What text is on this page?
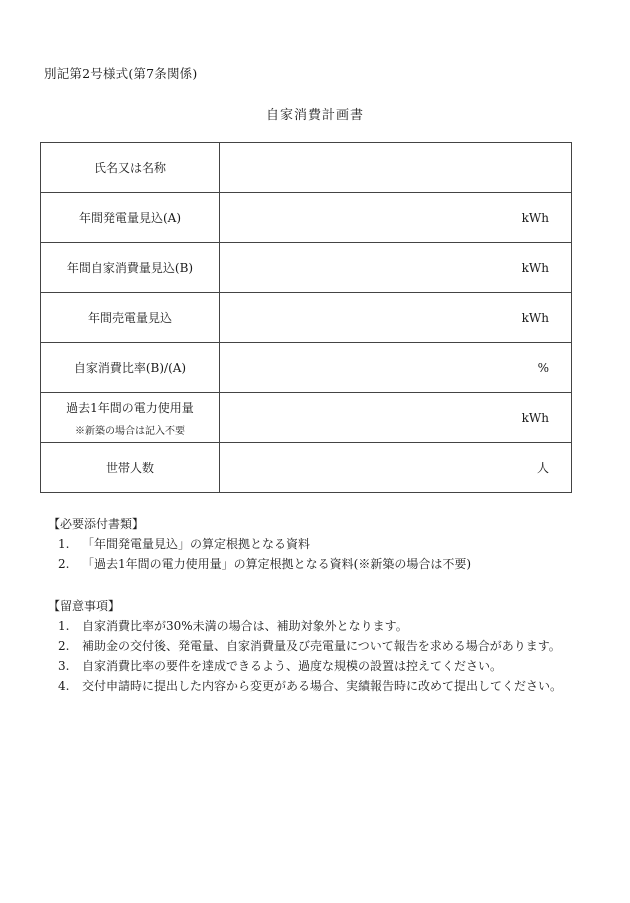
別記第2号様式(第7条関係)
自家消費計画書
氏名又は名称	

年間発電量見込(A)	kWh

年間自家消費量見込(B)	kWh

年間売電量見込	kWh

自家消費比率(B)/(A)	%

過去1年間の電力使用量
※新築の場合は記入不要	kWh

世帯人数	人
【必要添付書類】
1. 「年間発電量見込」の算定根拠となる資料
2. 「過去1年間の電力使用量」の算定根拠となる資料(※新築の場合は不要)
【留意事項】
1. 自家消費比率が30%未満の場合は、補助対象外となります。
2. 補助金の交付後、発電量、自家消費量及び売電量について報告を求める場合があります。
3. 自家消費比率の要件を達成できるよう、過度な規模の設置は控えてください。
4. 交付申請時に提出した内容から変更がある場合、実績報告時に改めて提出してください。
